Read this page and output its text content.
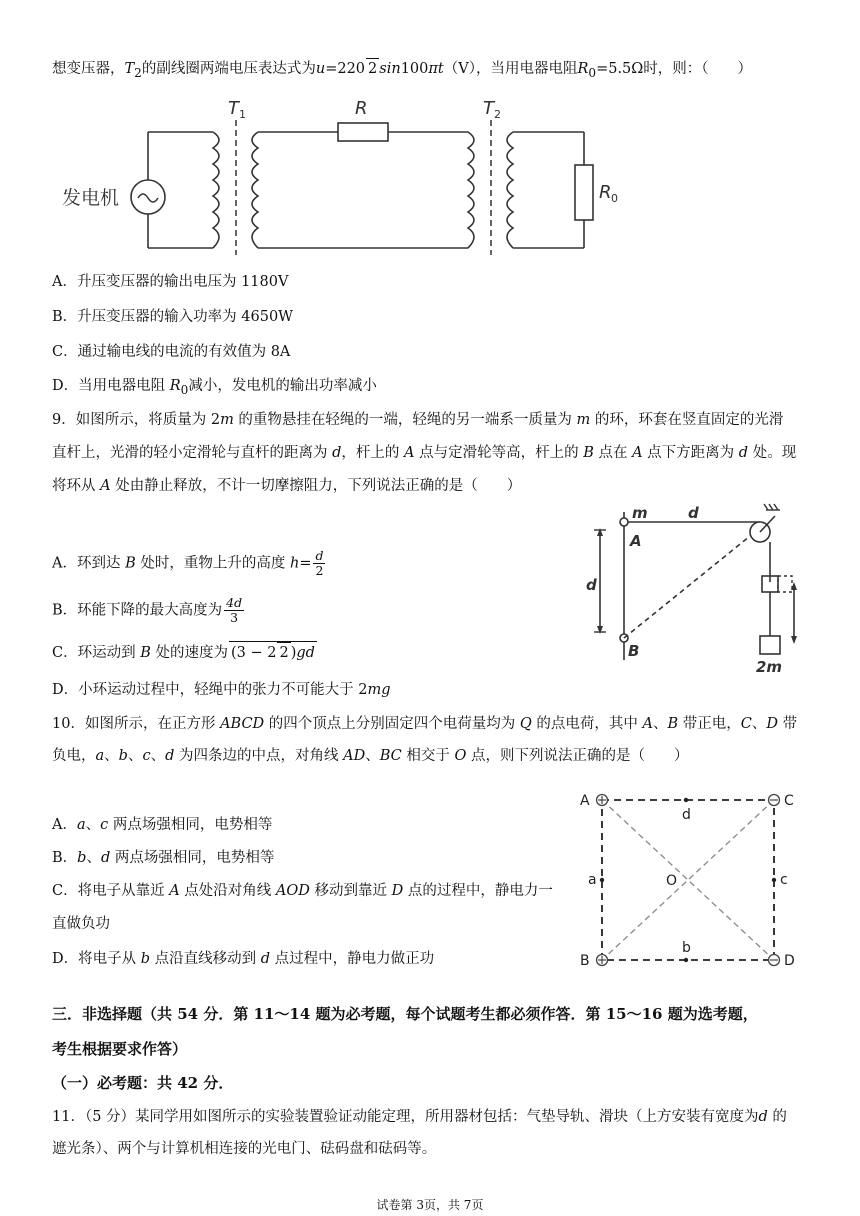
想变压器，$T_2$的副线圈两端电压表达式为u=220 2 sin100πt（V），当用电器电阻$R_0=5.5\Omega$时，则：（　　）
发电机
T 1	R	T 2
R 0
A．升压变压器的输出电压为 1180V
B．升压变压器的输入功率为 4650W
C．通过输电线的电流的有效值为 8A
D．当用电器电阻 $R_0$减小，发电机的输出功率减小
9．如图所示，将质量为 2m 的重物悬挂在轻绳的一端，轻绳的另一端系一质量为 m 的环，环套在竖直固定的光滑
直杆上，光滑的轻小定滑轮与直杆的距离为 d，杆上的 A 点与定滑轮等高，杆上的 B 点在 A 点下方距离为 d 处。现
将环从 A 处由静止释放，不计一切摩擦阻力，下列说法正确的是（　　）
A．环到达 B 处时，重物上升的高度 $h= \frac{d}{2}$
B．环能下降的最大高度为 $\frac{4d}{3}$
C．环运动到 B 处的速度为 (3 − 2 2 )gd
D．小环运动过程中，轻绳中的张力不可能大于 2mg
m	d
A
d
B
2m
10．如图所示，在正方形 ABCD 的四个顶点上分别固定四个电荷量均为 Q 的点电荷，其中 A、B 带正电，C、D 带
负电，a、b、c、d 为四条边的中点，对角线 AD、BC 相交于 O 点，则下列说法正确的是（　　）
A．a、c 两点场强相同，电势相等
B．b、d 两点场强相同，电势相等
C．将电子从靠近 A 点处沿对角线 AOD 移动到靠近 D 点的过程中，静电力一
直做负功
D．将电子从 b 点沿直线移动到 d 点过程中，静电力做正功
A	C
B	D
a
b
c
d
O
三．非选择题（共 54 分．第 11～14 题为必考题，每个试题考生都必须作答．第 15～16 题为选考题，
考生根据要求作答）
（一）必考题：共 42 分．
11．（5 分）某同学用如图所示的实验装置验证动能定理，所用器材包括：气垫导轨、滑块（上方安装有宽度为d 的
遮光条）、两个与计算机相连接的光电门、砝码盘和砝码等。
试卷第 3页，共 7页
